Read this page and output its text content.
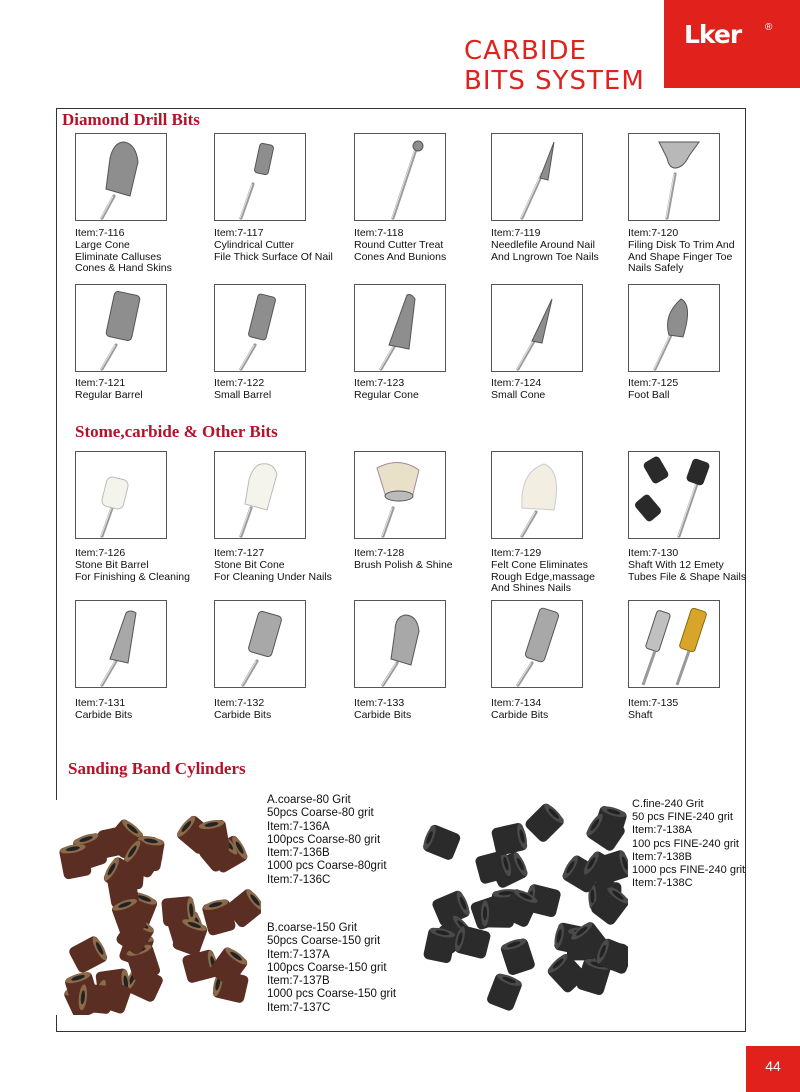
Lker ®
CARBIDE
BITS SYSTEM
Diamond Drill Bits
Stome,carbide & Other Bits
Sanding Band Cylinders
Item:7-116
Large Cone
Eliminate Calluses
Cones & Hand Skins
Item:7-117
Cylindrical Cutter
File Thick Surface Of Nail
Item:7-118
Round Cutter Treat
Cones And Bunions
Item:7-119
Needlefile Around Nail
And Lngrown Toe Nails
Item:7-120
Filing Disk To Trim And
And Shape Finger Toe
Nails Safely
Item:7-121
Regular Barrel
Item:7-122
Small Barrel
Item:7-123
Regular Cone
Item:7-124
Small Cone
Item:7-125
Foot Ball
Item:7-126
Stone Bit Barrel
For Finishing & Cleaning
Item:7-127
Stone Bit Cone
For Cleaning Under Nails
Item:7-128
Brush Polish & Shine
Item:7-129
Felt Cone Eliminates
Rough Edge,massage
And Shines Nails
Item:7-130
Shaft With 12 Emety
Tubes File & Shape Nails
Item:7-131
Carbide Bits
Item:7-132
Carbide Bits
Item:7-133
Carbide Bits
Item:7-134
Carbide Bits
Item:7-135
Shaft
A.coarse-80 Grit
50pcs Coarse-80 grit
Item:7-136A
100pcs Coarse-80 grit
Item:7-136B
1000 pcs Coarse-80grit
Item:7-136C
B.coarse-150 Grit
50pcs Coarse-150 grit
Item:7-137A
100pcs Coarse-150 grit
Item:7-137B
1000 pcs Coarse-150 grit
Item:7-137C
C.fine-240 Grit
50 pcs FINE-240 grit
Item:7-138A
100 pcs FINE-240 grit
Item:7-138B
1000 pcs FINE-240 grit
Item:7-138C
44
